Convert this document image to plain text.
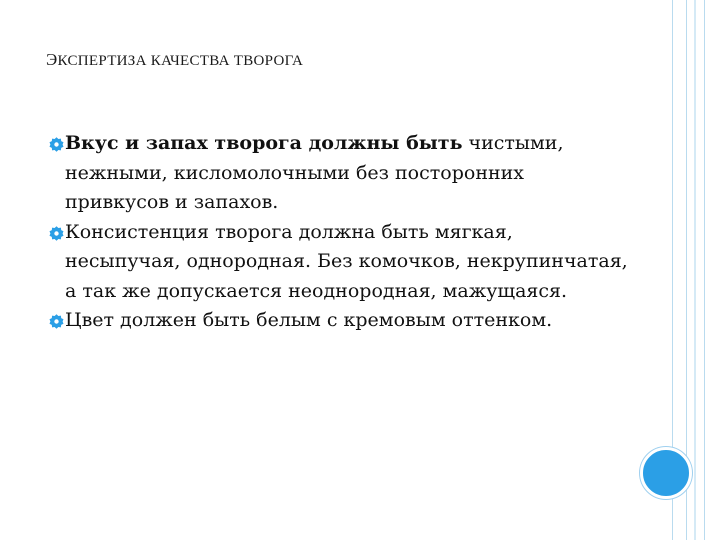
ЭКСПЕРТИЗА КАЧЕСТВА ТВОРОГА
Вкус и запах творога должны быть чистыми, нежными, кисломолочными без посторонних привкусов и запахов.
Консистенция творога должна быть мягкая, несыпучая, однородная. Без комочков, некрупинчатая, а так же допускается неоднородная, мажущаяся.
Цвет должен быть белым с кремовым оттенком.
